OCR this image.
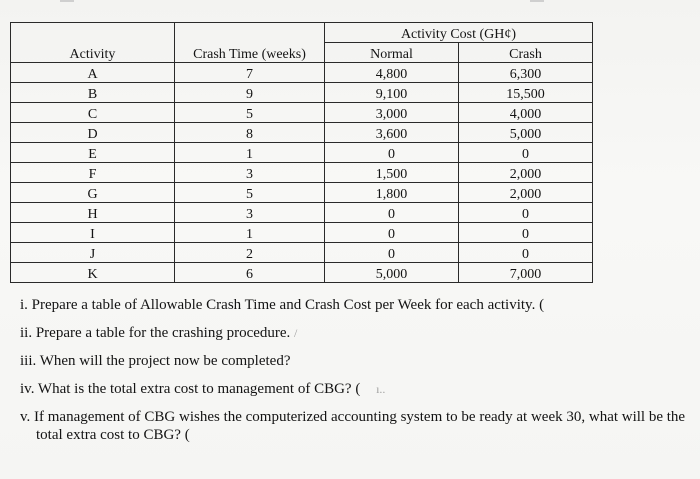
Activity	Crash Time (weeks)	Activity Cost (GH¢)	
		Normal	Crash
A	7	4,800	6,300
B	9	9,100	15,500
C	5	3,000	4,000
D	8	3,600	5,000
E	1	0	0
F	3	1,500	2,000
G	5	1,800	2,000
H	3	0	0
I	1	0	0
J	2	0	0
K	6	5,000	7,000
i. Prepare a table of Allowable Crash Time and Crash Cost per Week for each activity. (
ii. Prepare a table for the crashing procedure. /
iii. When will the project now be completed?
iv. What is the total extra cost to management of CBG? ( ı..
v. If management of CBG wishes the computerized accounting system to be ready at week 30, what will be the total extra cost to CBG? (
